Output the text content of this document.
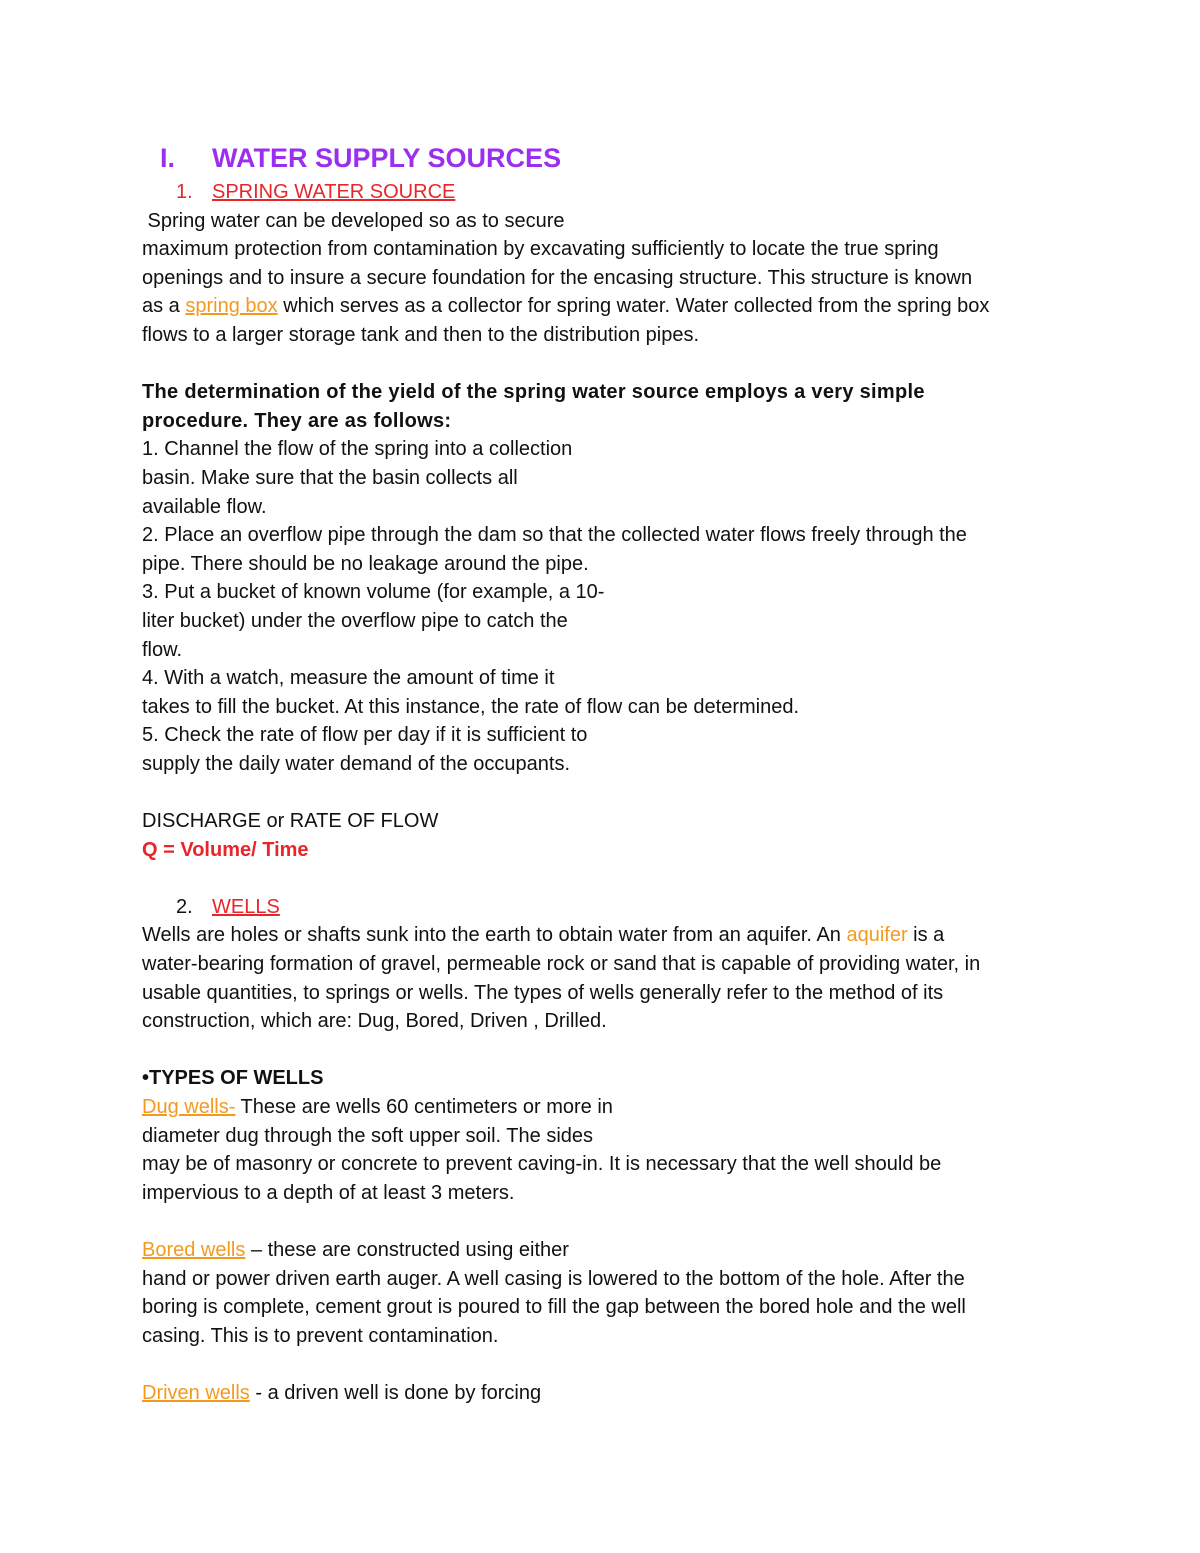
I. WATER SUPPLY SOURCES
1. SPRING WATER SOURCE
Spring water can be developed so as to secure
maximum protection from contamination by excavating sufficiently to locate the true spring
openings and to insure a secure foundation for the encasing structure. This structure is known
as a spring box which serves as a collector for spring water. Water collected from the spring box
flows to a larger storage tank and then to the distribution pipes.
The determination of the yield of the spring water source employs a very simple
procedure. They are as follows:
1. Channel the flow of the spring into a collection
basin. Make sure that the basin collects all
available flow.
2. Place an overflow pipe through the dam so that the collected water flows freely through the
pipe. There should be no leakage around the pipe.
3. Put a bucket of known volume (for example, a 10-
liter bucket) under the overflow pipe to catch the
flow.
4. With a watch, measure the amount of time it
takes to fill the bucket. At this instance, the rate of flow can be determined.
5. Check the rate of flow per day if it is sufficient to
supply the daily water demand of the occupants.
DISCHARGE or RATE OF FLOW
Q = Volume/ Time
2. WELLS
Wells are holes or shafts sunk into the earth to obtain water from an aquifer. An aquifer is a
water-bearing formation of gravel, permeable rock or sand that is capable of providing water, in
usable quantities, to springs or wells. The types of wells generally refer to the method of its
construction, which are: Dug, Bored, Driven , Drilled.
•TYPES OF WELLS
Dug wells- These are wells 60 centimeters or more in
diameter dug through the soft upper soil. The sides
may be of masonry or concrete to prevent caving-in. It is necessary that the well should be
impervious to a depth of at least 3 meters.
Bored wells – these are constructed using either
hand or power driven earth auger. A well casing is lowered to the bottom of the hole. After the
boring is complete, cement grout is poured to fill the gap between the bored hole and the well
casing. This is to prevent contamination.
Driven wells - a driven well is done by forcing
